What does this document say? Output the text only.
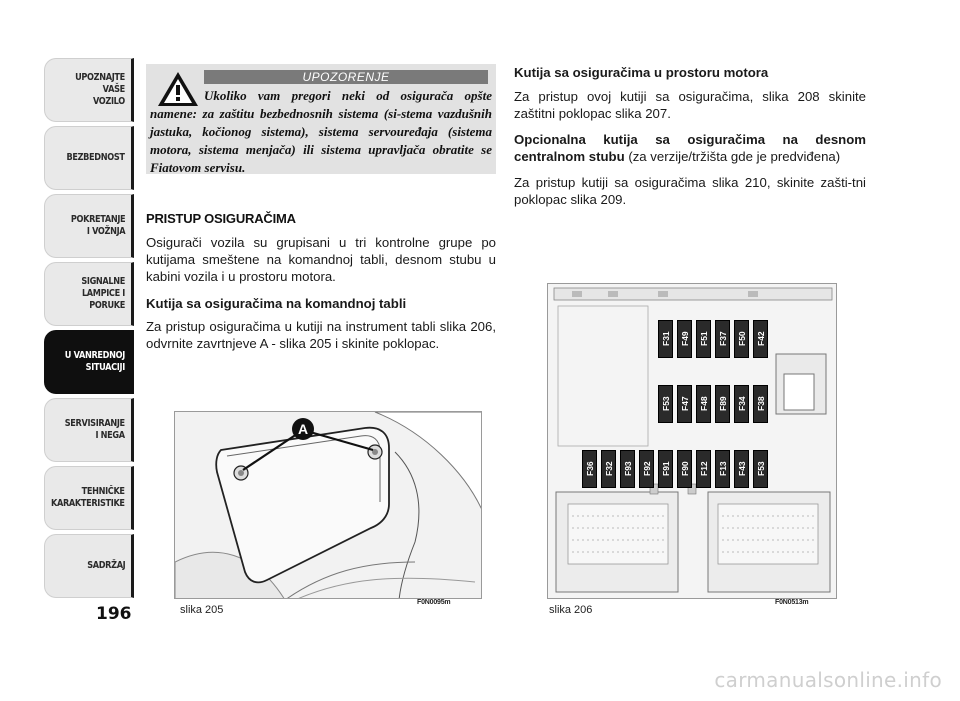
UPOZNAJTE
VAŠE
VOZILO
BEZBEDNOST
POKRETANJE
I VOŽNJA
SIGNALNE
LAMPICE I PORUKE
U VANREDNOJ
SITUACIJI
SERVISIRANJE
I NEGA
TEHNIČKE
KARAKTERISTIKE
SADRŽAJ
196
UPOZORENJE
Ukoliko vam pregori neki od osigurača opšte namene: za zaštitu bezbednosnih sistema (si-stema vazdušnih jastuka, kočionog sistema), sistema servouređaja (sistema motora, sistema menjača) ili sistema upravljača obratite se Fiatovom servisu.
PRISTUP OSIGURAČIMA
Osigurači vozila su grupisani u tri kontrolne grupe po kutijama smeštene na komandnoj tabli, desnom stubu u kabini vozila i u prostoru motora.
Kutija sa osiguračima na komandnoj tabli
Za pristup osiguračima u kutiji na instrument tabli slika 206, odvrnite zavrtnjeve A - slika 205 i skinite poklopac.
Kutija sa osiguračima u prostoru motora
Za pristup ovoj kutiji sa osiguračima, slika 208 skinite zaštitni poklopac slika 207.
Opcionalna kutija sa osiguračima na desnom centralnom stubu (za verzije/tržišta gde je predviđena)
Za pristup kutiji sa osiguračima slika 210, skinite zašti-tni poklopac slika 209.
A
slika 205
F0N0095m
F31	F49	F51	F37	F50	F42
F53	F47	F48	F89	F34	F38
F36	F32	F93	F92	F91	F90	F12	F13	F43	F53
slika 206
F0N0513m
carmanualsonline.info
